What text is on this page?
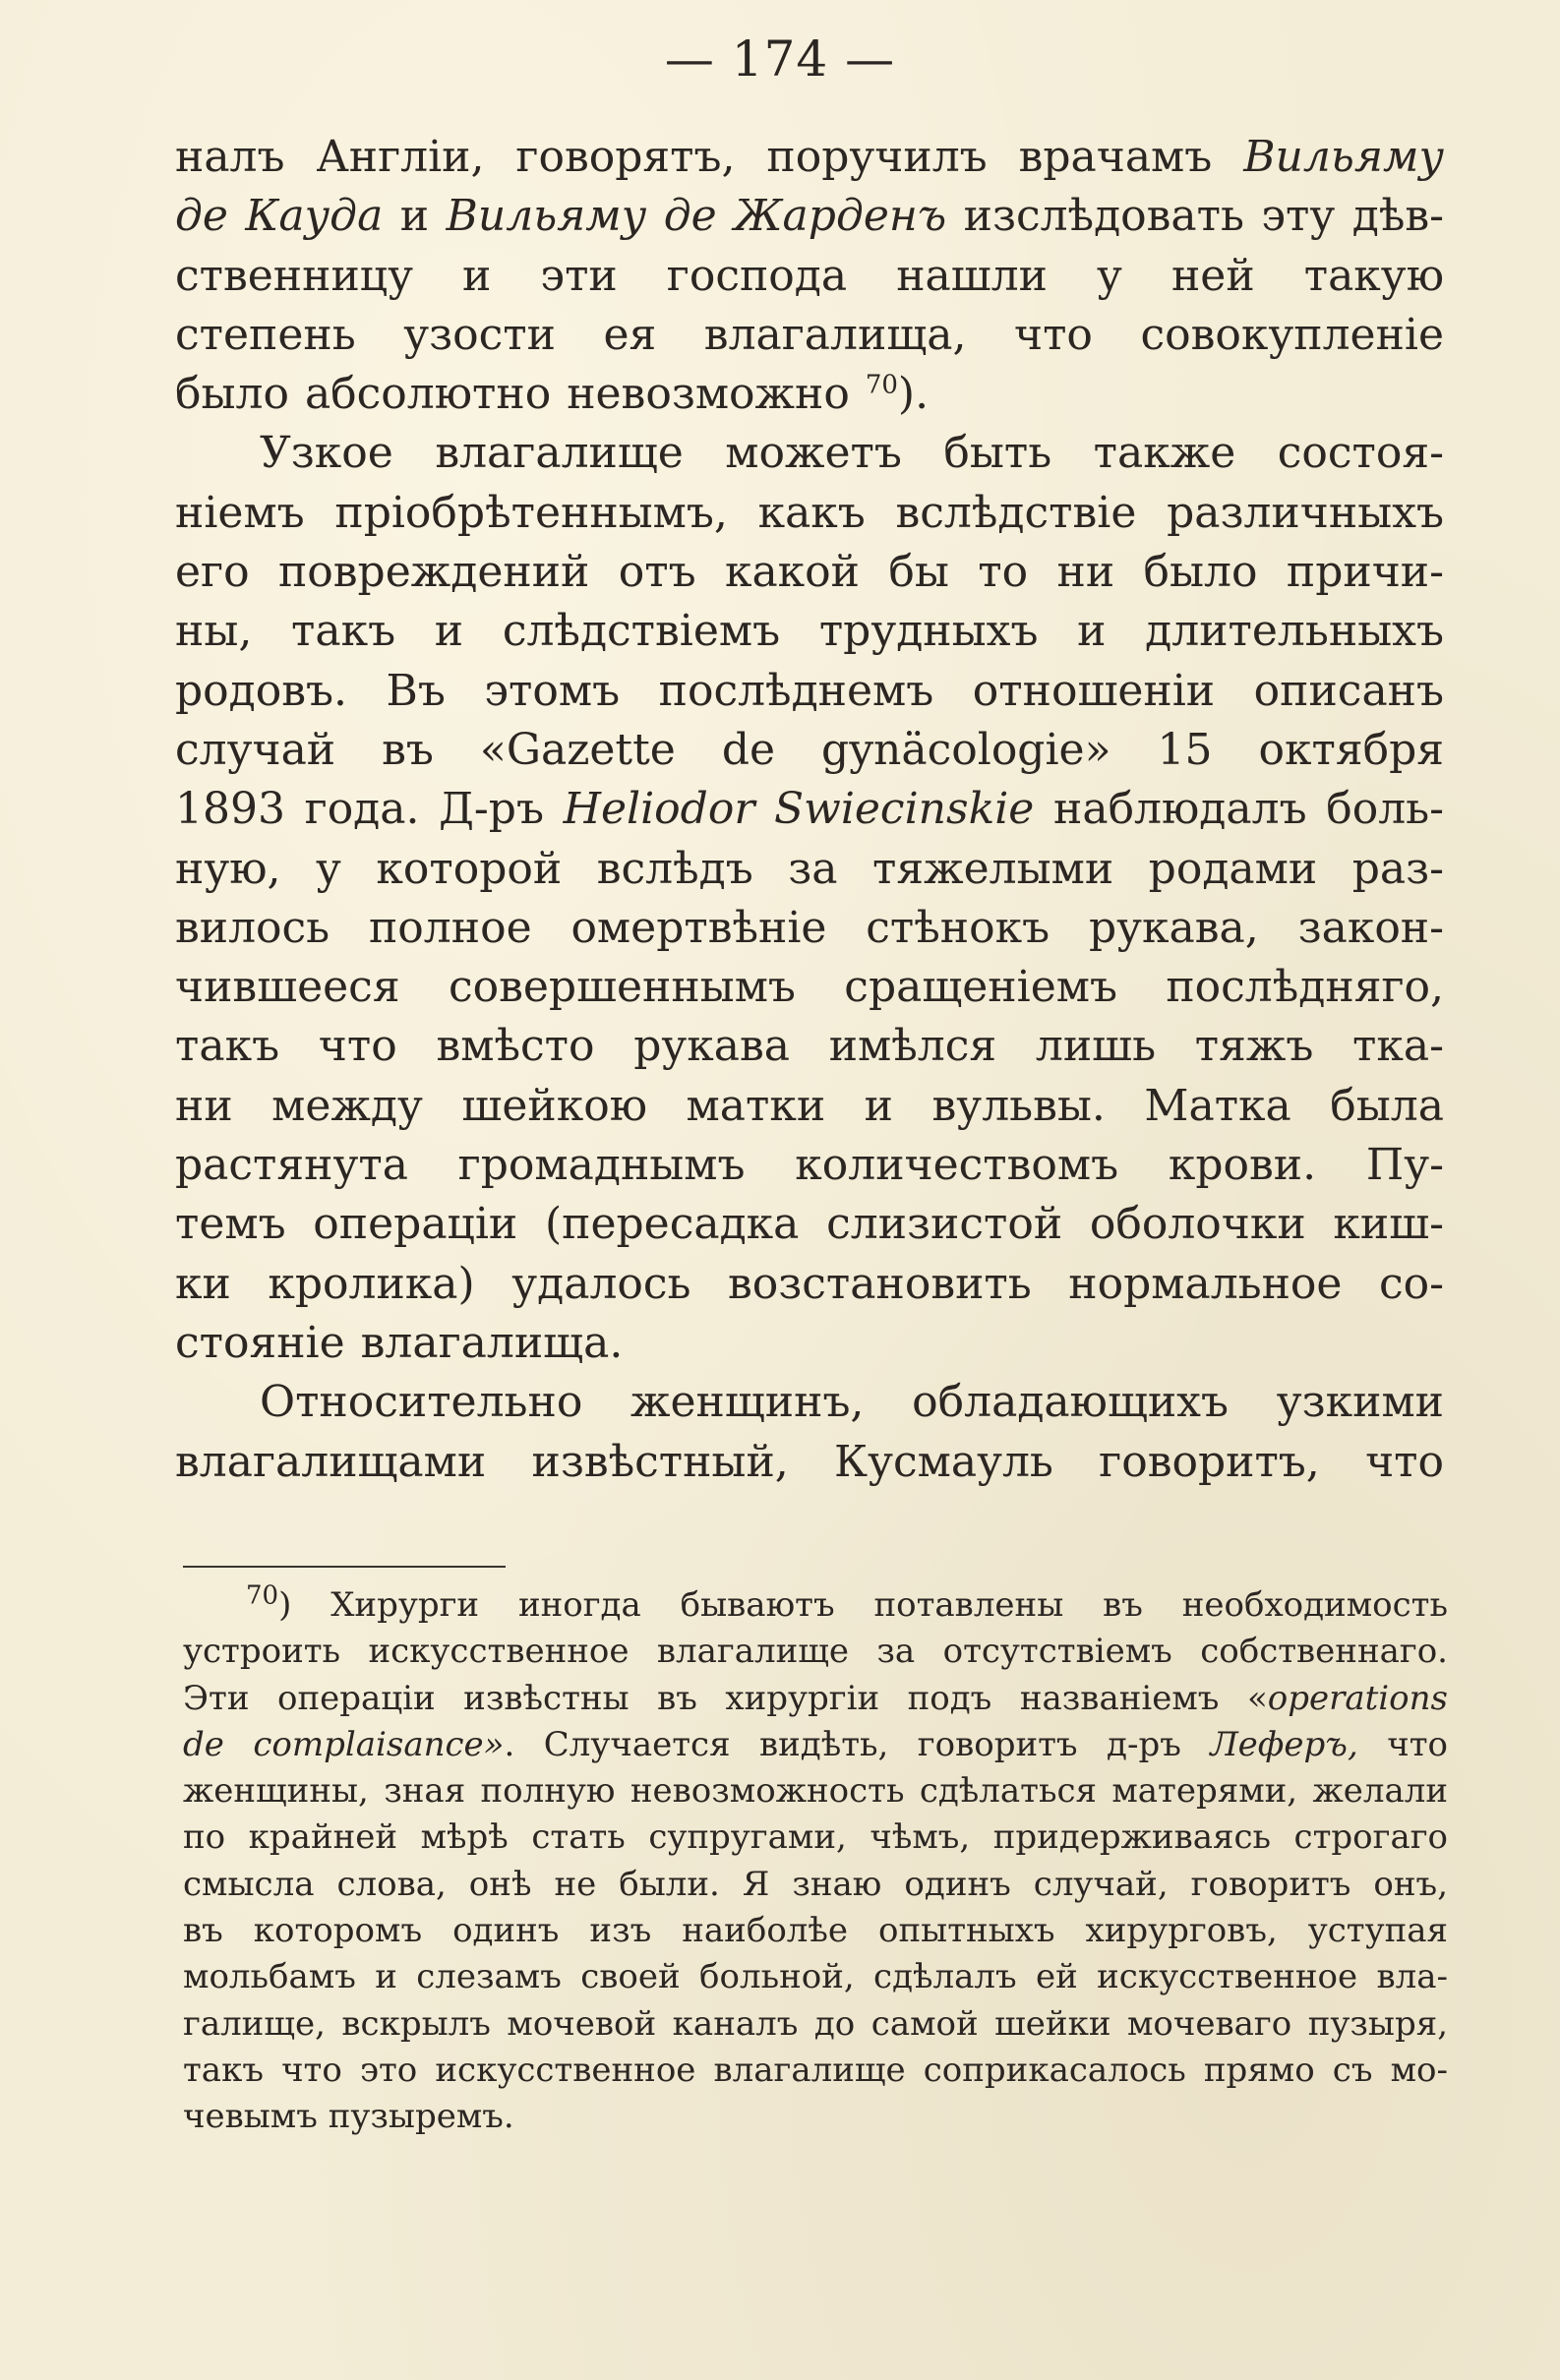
— 174 —
налъ Англіи, говорятъ, поручилъ врачамъ Вильяму
де Кауда и Вильяму де Жарденъ изслѣдовать эту дѣв-
ственницу и эти господа нашли у ней такую
степень узости ея влагалища, что совокупленіе
было абсолютно невозможно $^{70}$).
Узкое влагалище можетъ быть также состоя-
ніемъ пріобрѣтеннымъ, какъ вслѣдствіе различныхъ
его повреждений отъ какой бы то ни было причи-
ны, такъ и слѣдствіемъ трудныхъ и длительныхъ
родовъ. Въ этомъ послѣднемъ отношеніи описанъ
случай въ «Gazette de gynäcologie» 15 октября
1893 года. Д-ръ Heliodor Swiecinskie наблюдалъ боль-
ную, у которой вслѣдъ за тяжелыми родами раз-
вилось полное омертвѣніе стѣнокъ рукава, закон-
чившееся совершеннымъ сращеніемъ послѣдняго,
такъ что вмѣсто рукава имѣлся лишь тяжъ тка-
ни между шейкою матки и вульвы. Матка была
растянута громаднымъ количествомъ крови. Пу-
темъ операціи (пересадка слизистой оболочки киш-
ки кролика) удалось возстановить нормальное со-
стояніе влагалища.
Относительно женщинъ, обладающихъ узкими
влагалищами извѣстный, Кусмауль говоритъ, что
$^{70}$) Хирурги иногда бываютъ потавлены въ необходимость
устроить искусственное влагалище за отсутствіемъ собственнаго.
Эти операціи извѣстны въ хирургіи подъ названіемъ «operations
de complaisance». Случается видѣть, говоритъ д-ръ Леферъ, что
женщины, зная полную невозможность сдѣлаться матерями, желали
по крайней мѣрѣ стать супругами, чѣмъ, придерживаясь строгаго
смысла слова, онѣ не были. Я знаю одинъ случай, говоритъ онъ,
въ которомъ одинъ изъ наиболѣе опытныхъ хирурговъ, уступая
мольбамъ и слезамъ своей больной, сдѣлалъ ей искусственное вла-
галище, вскрылъ мочевой каналъ до самой шейки мочеваго пузыря,
такъ что это искусственное влагалище соприкасалось прямо съ мо-
чевымъ пузыремъ.
